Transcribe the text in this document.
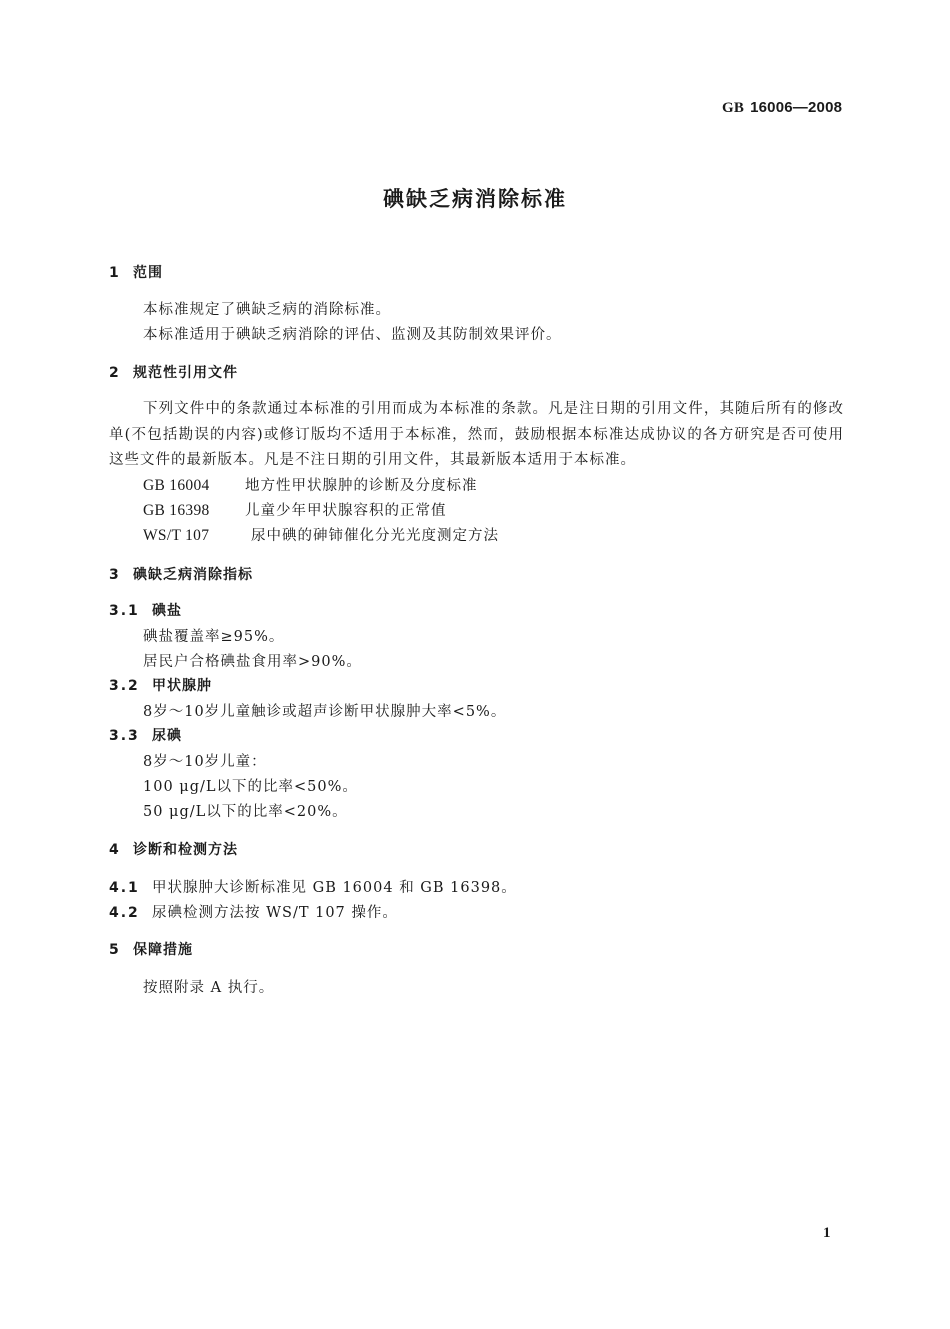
GB 16006—2008
碘缺乏病消除标准
1 范围
本标准规定了碘缺乏病的消除标准。
本标准适用于碘缺乏病消除的评估、监测及其防制效果评价。
2 规范性引用文件
下列文件中的条款通过本标准的引用而成为本标准的条款。凡是注日期的引用文件，其随后所有的修改单(不包括勘误的内容)或修订版均不适用于本标准，然而，鼓励根据本标准达成协议的各方研究是否可使用这些文件的最新版本。凡是不注日期的引用文件，其最新版本适用于本标准。
GB 16004 地方性甲状腺肿的诊断及分度标准
GB 16398 儿童少年甲状腺容积的正常值
WS/T 107	尿中碘的砷铈催化分光光度测定方法
3 碘缺乏病消除指标
3.1 碘盐
碘盐覆盖率≥95%。
居民户合格碘盐食用率>90%。
3.2 甲状腺肿
8岁～10岁儿童触诊或超声诊断甲状腺肿大率<5%。
3.3 尿碘
8岁～10岁儿童：
100 μg/L以下的比率<50%。
50 μg/L以下的比率<20%。
4 诊断和检测方法
4.1 甲状腺肿大诊断标准见 GB 16004 和 GB 16398。
4.2 尿碘检测方法按 WS/T 107 操作。
5 保障措施
按照附录 A 执行。
1
